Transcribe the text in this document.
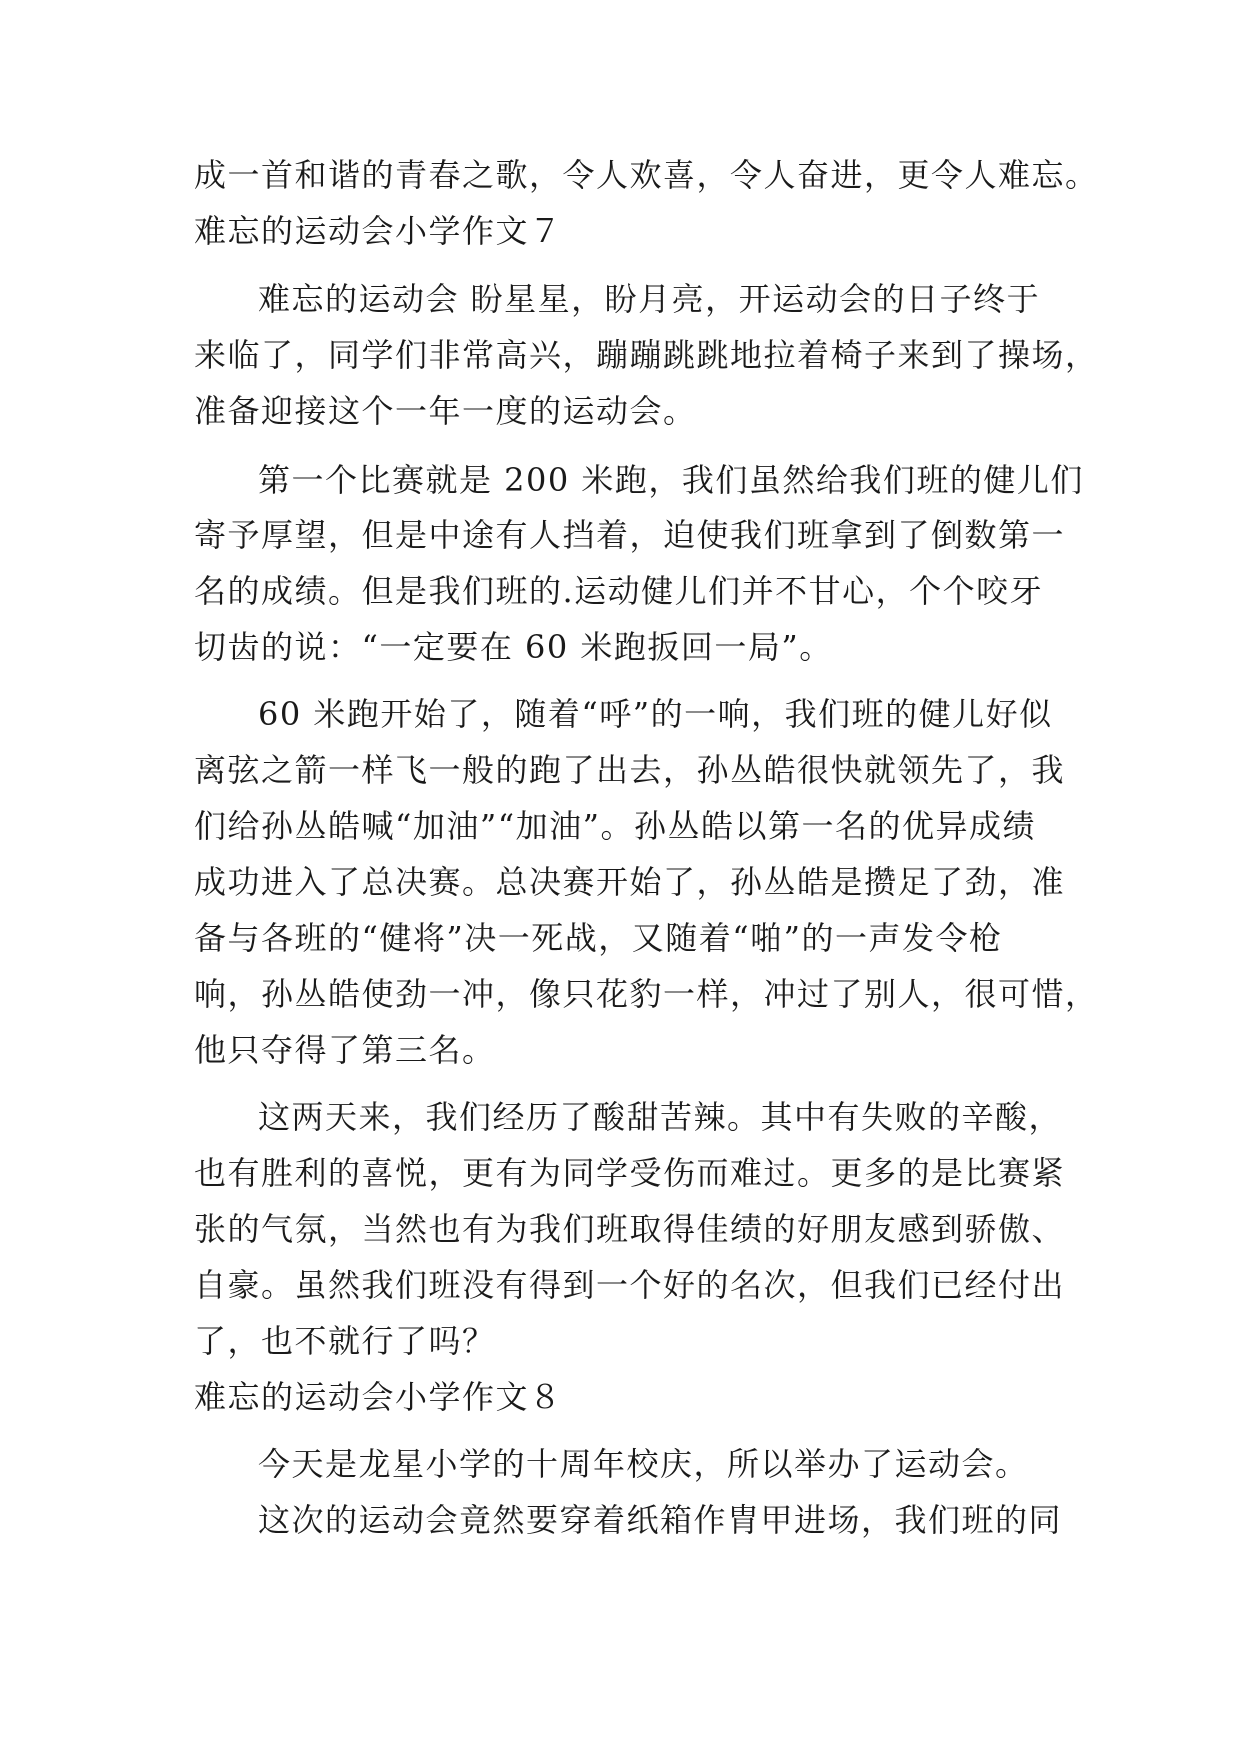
成一首和谐的青春之歌，令人欢喜，令人奋进，更令人难忘。
难忘的运动会小学作文７
难忘的运动会 盼星星，盼月亮，开运动会的日子终于
来临了，同学们非常高兴，蹦蹦跳跳地拉着椅子来到了操场，
准备迎接这个一年一度的运动会。
第一个比赛就是 200 米跑，我们虽然给我们班的健儿们
寄予厚望，但是中途有人挡着，迫使我们班拿到了倒数第一
名的成绩。但是我们班的.运动健儿们并不甘心，个个咬牙
切齿的说：“一定要在 60 米跑扳回一局”。
60 米跑开始了，随着“呼”的一响，我们班的健儿好似
离弦之箭一样飞一般的跑了出去，孙丛皓很快就领先了，我
们给孙丛皓喊“加油”“加油”。孙丛皓以第一名的优异成绩
成功进入了总决赛。总决赛开始了，孙丛皓是攒足了劲，准
备与各班的“健将”决一死战，又随着“啪”的一声发令枪
响，孙丛皓使劲一冲，像只花豹一样，冲过了别人，很可惜，
他只夺得了第三名。
这两天来，我们经历了酸甜苦辣。其中有失败的辛酸，
也有胜利的喜悦，更有为同学受伤而难过。更多的是比赛紧
张的气氛，当然也有为我们班取得佳绩的好朋友感到骄傲、
自豪。虽然我们班没有得到一个好的名次，但我们已经付出
了，也不就行了吗？
难忘的运动会小学作文８
今天是龙星小学的十周年校庆，所以举办了运动会。
这次的运动会竟然要穿着纸箱作胄甲进场，我们班的同
